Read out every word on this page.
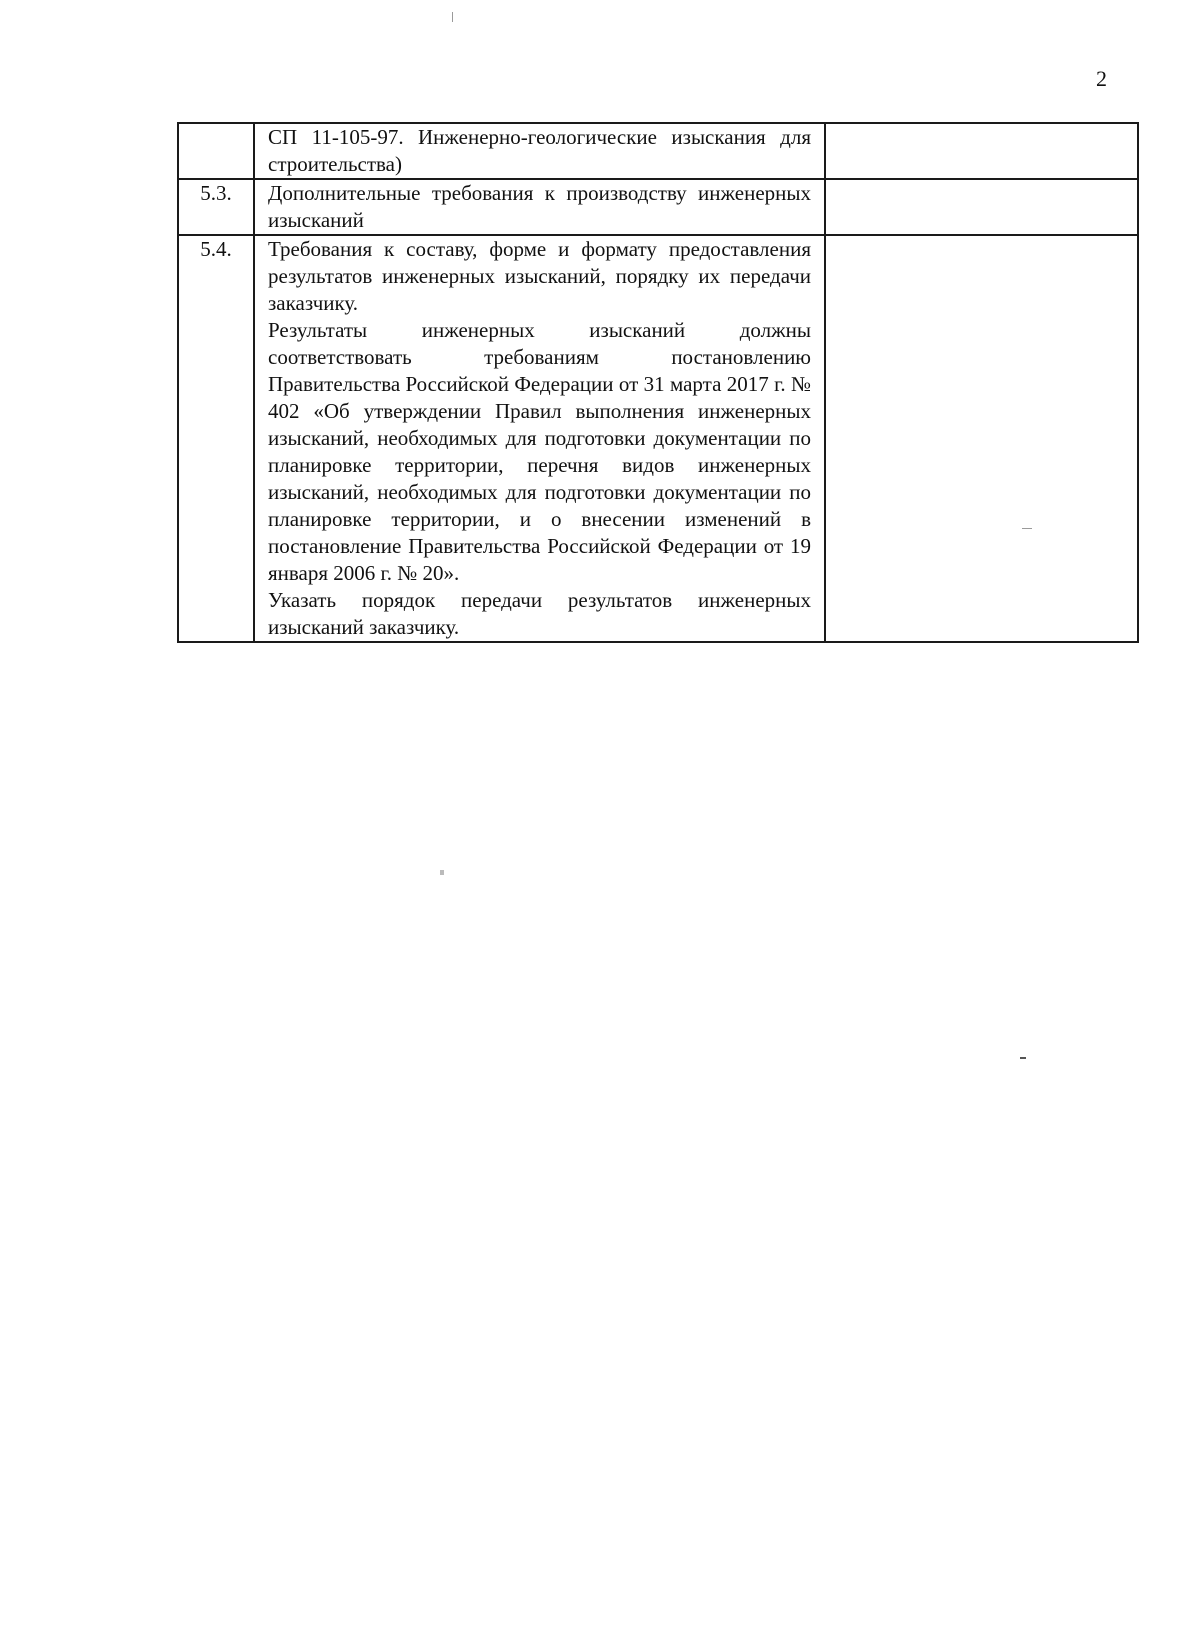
2

	СП 11-105-97. Инженерно-геологические изыскания для строительства)	

5.3.	Дополнительные требования к производству инженерных изысканий	

5.4.	Требования к составу, форме и формату предоставления результатов инженерных изысканий, порядку их передачи заказчику.

Результаты инженерных изысканий должны соответствовать требованиям постановлению Правительства Российской Федерации от 31 марта 2017 г. № 402 «Об утверждении Правил выполнения инженерных изысканий, необходимых для подготовки документации по планировке территории, перечня видов инженерных изысканий, необходимых для подготовки документации по планировке территории, и о внесении изменений в постановление Правительства Российской Федерации от 19 января 2006 г. № 20».

Указать порядок передачи результатов инженерных изысканий заказчику.	
